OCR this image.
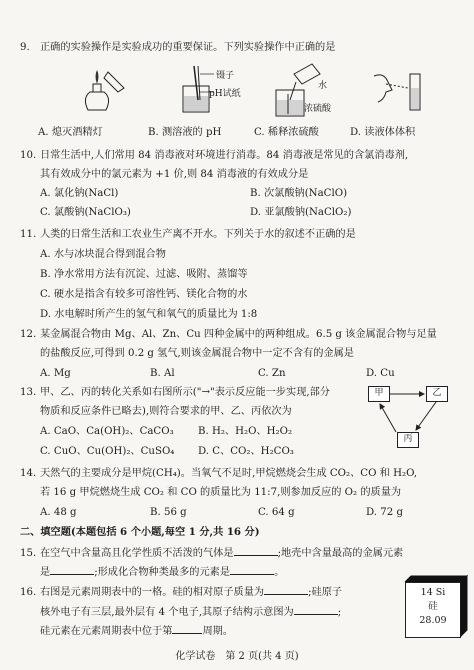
9. 正确的实验操作是实验成功的重要保证。下列实验操作中正确的是
镊子
pH试纸
水
浓硫酸
A. 熄灭酒精灯	B. 测溶液的 pH	C. 稀释浓硫酸	D. 读液体体积
10. 日常生活中,人们常用 84 消毒液对环境进行消毒。84 消毒液是常见的含氯消毒剂,
其有效成分中的氯元素为 +1 价,则 84 消毒液的有效成分是
A. 氯化钠(NaCl)	B. 次氯酸钠(NaClO)
C. 氯酸钠(NaClO₃)	D. 亚氯酸钠(NaClO₂)
11. 人类的日常生活和工农业生产离不开水。下列关于水的叙述不正确的是
A. 水与冰块混合得到混合物
B. 净水常用方法有沉淀、过滤、吸附、蒸馏等
C. 硬水是指含有较多可溶性钙、镁化合物的水
D. 水电解时所产生的氢气和氧气的质量比为 1:8
12. 某金属混合物由 Mg、Al、Zn、Cu 四种金属中的两种组成。6.5 g 该金属混合物与足量
的盐酸反应,可得到 0.2 g 氢气,则该金属混合物中一定不含有的金属是
A. Mg	B. Al	C. Zn	D. Cu
13. 甲、乙、丙的转化关系如右图所示("→"表示反应能一步实现,部分
物质和反应条件已略去),则符合要求的甲、乙、丙依次为
A. CaO、Ca(OH)₂、CaCO₃ B. H₂、H₂O、H₂O₂
C. CuO、Cu(OH)₂、CuSO₄ D. C、CO₂、H₂CO₃
甲	乙
丙
14. 天然气的主要成分是甲烷(CH₄)。当氧气不足时,甲烷燃烧会生成 CO₂、CO 和 H₂O,
若 16 g 甲烷燃烧生成 CO₂ 和 CO 的质量比为 11:7,则参加反应的 O₂ 的质量为
A. 48 g	B. 56 g	C. 64 g	D. 72 g
二、填空题(本题包括 6 个小题,每空 1 分,共 16 分)
15. 在空气中含量高且化学性质不活泼的气体是	;地壳中含量最高的金属元素
是	;形成化合物种类最多的元素是	。
16. 右图是元素周期表中的一格。硅的相对原子质量为	;硅原子
核外电子有三层,最外层有 4 个电子,其原子结构示意图为	;
硅元素在元素周期表中位于第	周期。
14 Si
硅
28.09
化学试卷　第 2 页(共 4 页)
